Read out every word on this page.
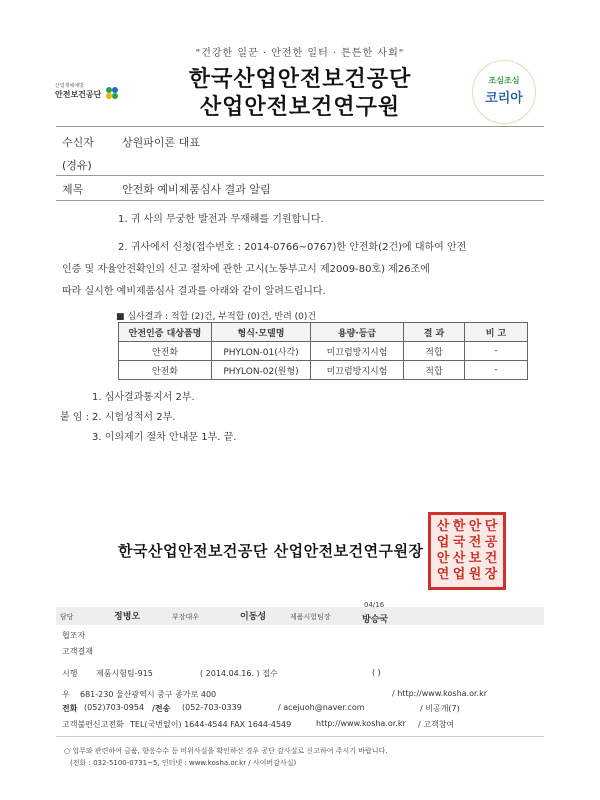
"건강한 일꾼 · 안전한 일터 · 튼튼한 사회"
산업재해예방
안전보건공단
한국산업안전보건공단
산업안전보건연구원
조심조심
코리아
수신자	상원파이론 대표
(경유)
제목	안전화 예비제품심사 결과 알림
1. 귀 사의 무궁한 발전과 무재해를 기원합니다.
2. 귀사에서 신청(접수번호 : 2014-0766~0767)한 안전화(2건)에 대하여 안전
인증 및 자율안전확인의 신고 절차에 관한 고시(노동부고시 제2009-80호) 제26조에
따라 실시한 예비제품심사 결과를 아래와 같이 알려드립니다.
■ 심사결과 : 적합 (2)건, 부적합 (0)건, 반려 (0)건
안전인증 대상품명	형식·모델명	용량·등급	결 과	비 고
안전화	PHYLON-01(사각)	미끄럼방지시험	적합	-
안전화	PHYLON-02(원형)	미끄럼방지시험	적합	-
1. 심사결과통지서 2부.
붙 임 : 2. 시험성적서 2부.
3. 이의제기 절차 안내문 1부. 끝.
한국산업안전보건공단 산업안전보건연구원장
산 한 안 단
업 국 전 공
안 산 보 건
연 업 원 장
담당	정병오	부장대우	이동성	제품시험팀장
04/16
방승국
협조자
고객결재
시행 제품시험팀-915	( 2014.04.16. ) 접수	( )
우 681-230 울산광역시 중구 종가로 400	/ http://www.kosha.or.kr
전화 (052)703-0954 /전송 (052-703-0339	/ acejuoh@naver.com	/ 비공개(7)
고객불편신고전화 TEL(국번없이) 1644-4544 FAX 1644-4549	http://www.kosha.or.kr / 고객참여
○ 업무와 관련하여 금품, 향응수수 등 비위사실을 확인하신 경우 공단 감사실로 신고하여 주시기 바랍니다.
(전화 : 032-5100-0731~5, 인터넷 : www.kosha.or.kr / 사이버감사실)
